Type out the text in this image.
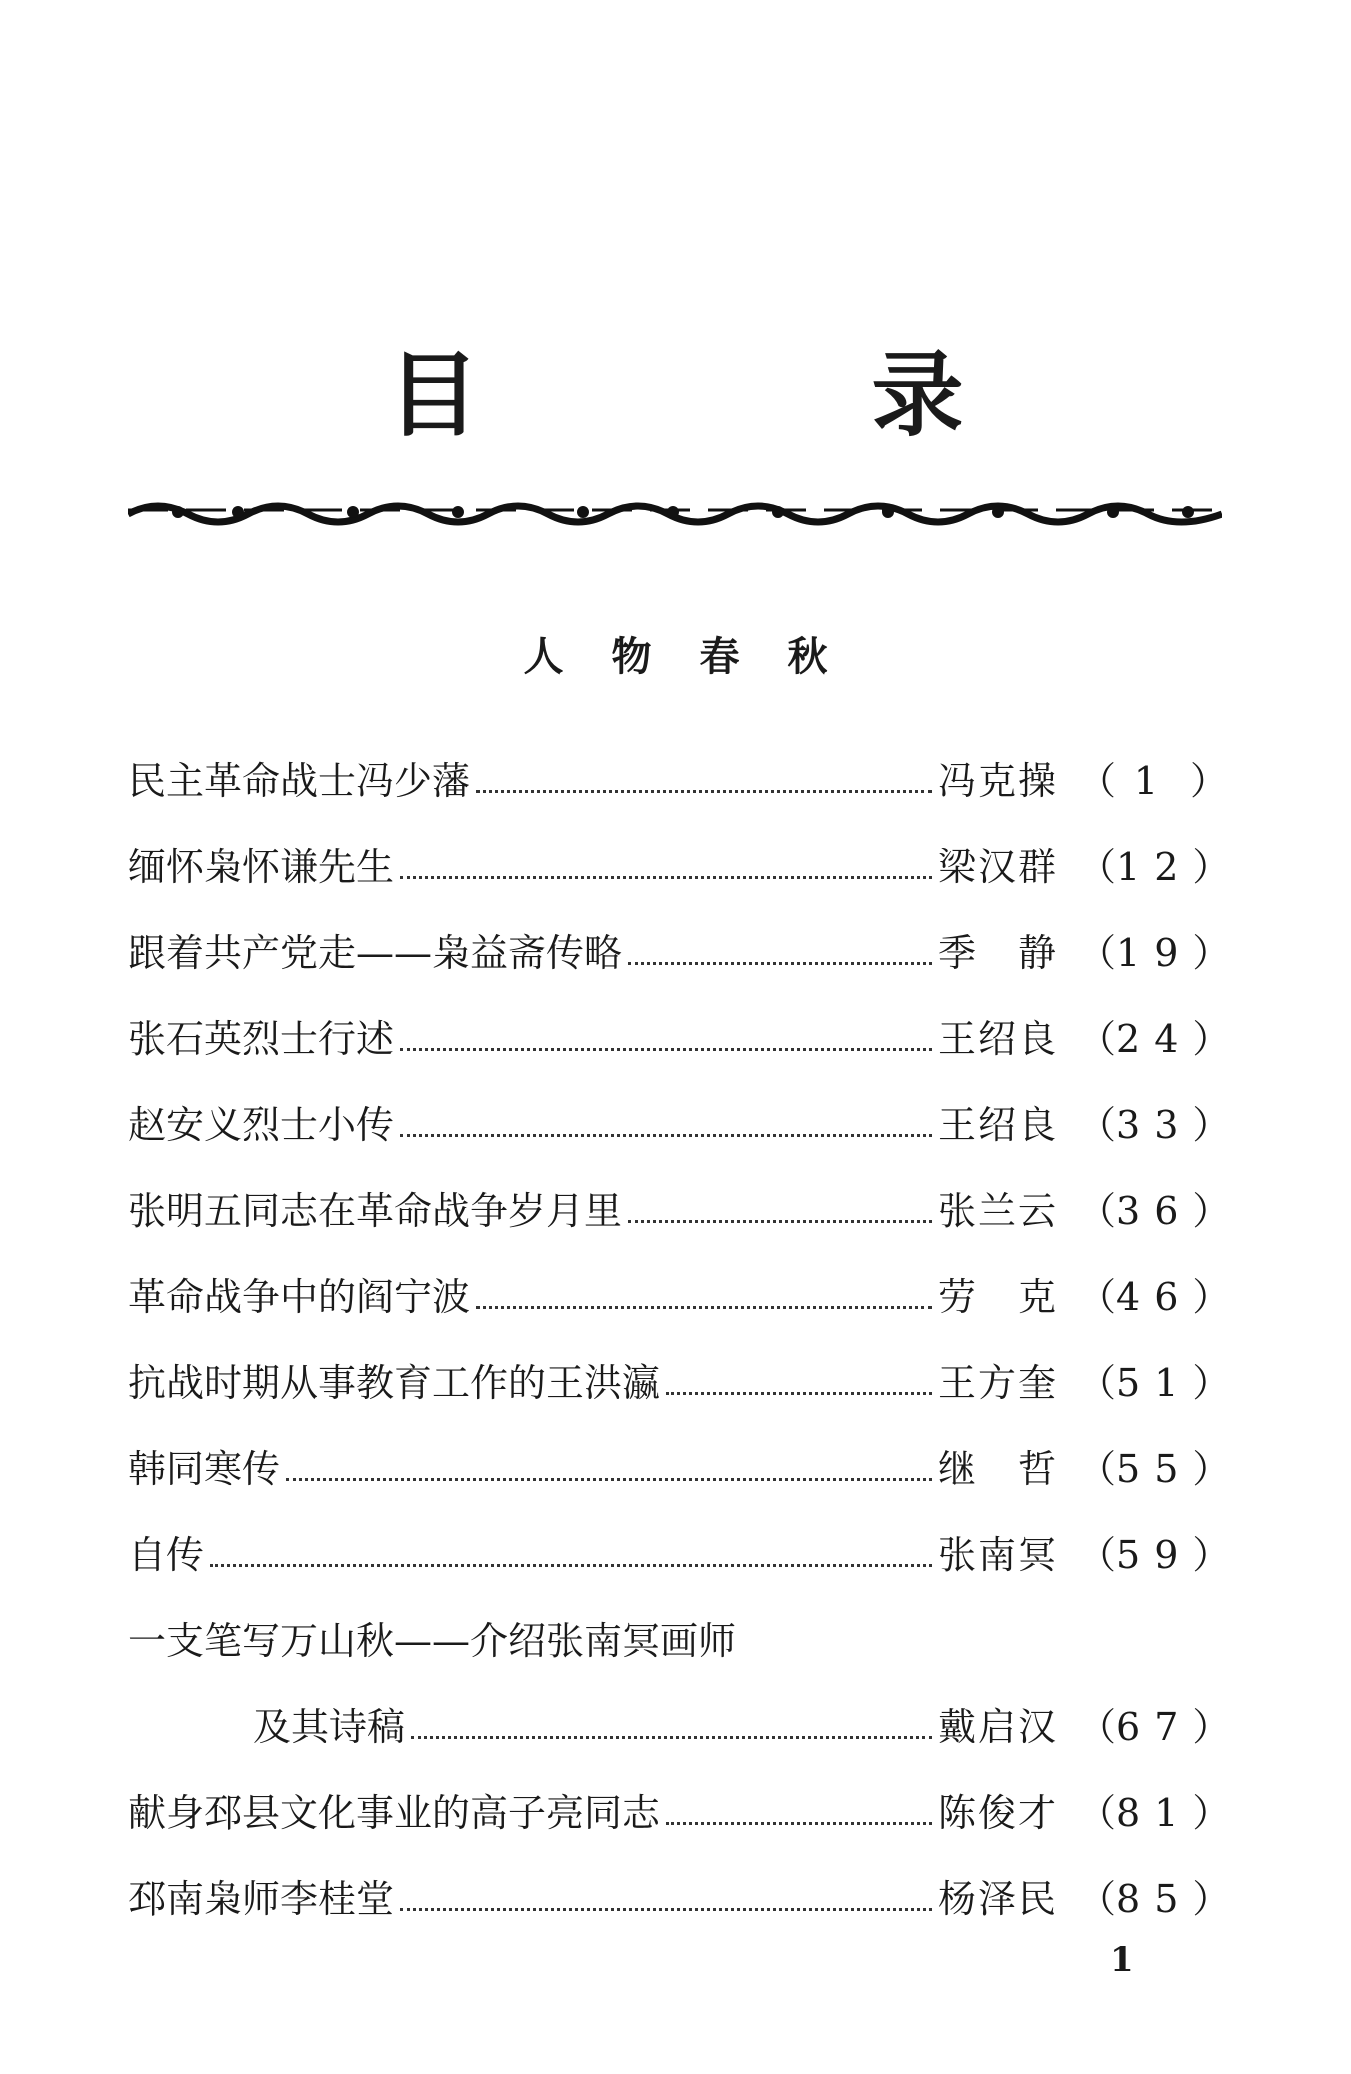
目　录
人物春秋
民主革命战士冯少藩	冯克操 （ 1 ）
缅怀枭怀谦先生	梁汉群 （ 12 ）
跟着共产党走——枭益斋传略	季　静 （ 19 ）
张石英烈士行述	王绍良 （ 24 ）
赵安义烈士小传	王绍良 （ 33 ）
张明五同志在革命战争岁月里	张兰云 （ 36 ）
革命战争中的阎宁波	劳　克 （ 46 ）
抗战时期从事教育工作的王洪瀛	王方奎 （ 51 ）
韩同寒传	继　哲 （ 55 ）
自传	张南冥 （ 59 ）
一支笔写万山秋——介绍张南冥画师
及其诗稿	戴启汉 （ 67 ）
献身邳县文化事业的高子亮同志	陈俊才 （ 81 ）
邳南枭师李桂堂	杨泽民 （ 85 ）
1
